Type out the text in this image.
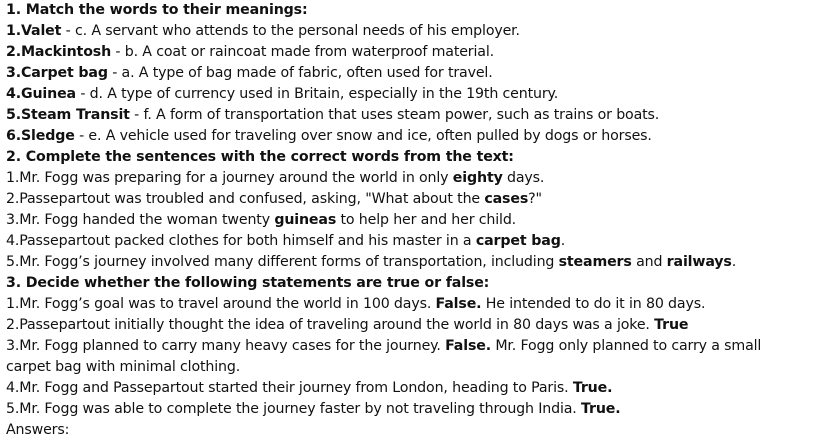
1. Match the words to their meanings:
1.Valet - c. A servant who attends to the personal needs of his employer.
2.Mackintosh - b. A coat or raincoat made from waterproof material.
3.Carpet bag - a. A type of bag made of fabric, often used for travel.
4.Guinea - d. A type of currency used in Britain, especially in the 19th century.
5.Steam Transit - f. A form of transportation that uses steam power, such as trains or boats.
6.Sledge - e. A vehicle used for traveling over snow and ice, often pulled by dogs or horses.
2. Complete the sentences with the correct words from the text:
1.Mr. Fogg was preparing for a journey around the world in only eighty days.
2.Passepartout was troubled and confused, asking, "What about the cases?"
3.Mr. Fogg handed the woman twenty guineas to help her and her child.
4.Passepartout packed clothes for both himself and his master in a carpet bag.
5.Mr. Fogg’s journey involved many different forms of transportation, including steamers and railways.
3. Decide whether the following statements are true or false:
1.Mr. Fogg’s goal was to travel around the world in 100 days. False. He intended to do it in 80 days.
2.Passepartout initially thought the idea of traveling around the world in 80 days was a joke. True
3.Mr. Fogg planned to carry many heavy cases for the journey. False. Mr. Fogg only planned to carry a small carpet bag with minimal clothing.
4.Mr. Fogg and Passepartout started their journey from London, heading to Paris. True.
5.Mr. Fogg was able to complete the journey faster by not traveling through India. True.
Answers:
